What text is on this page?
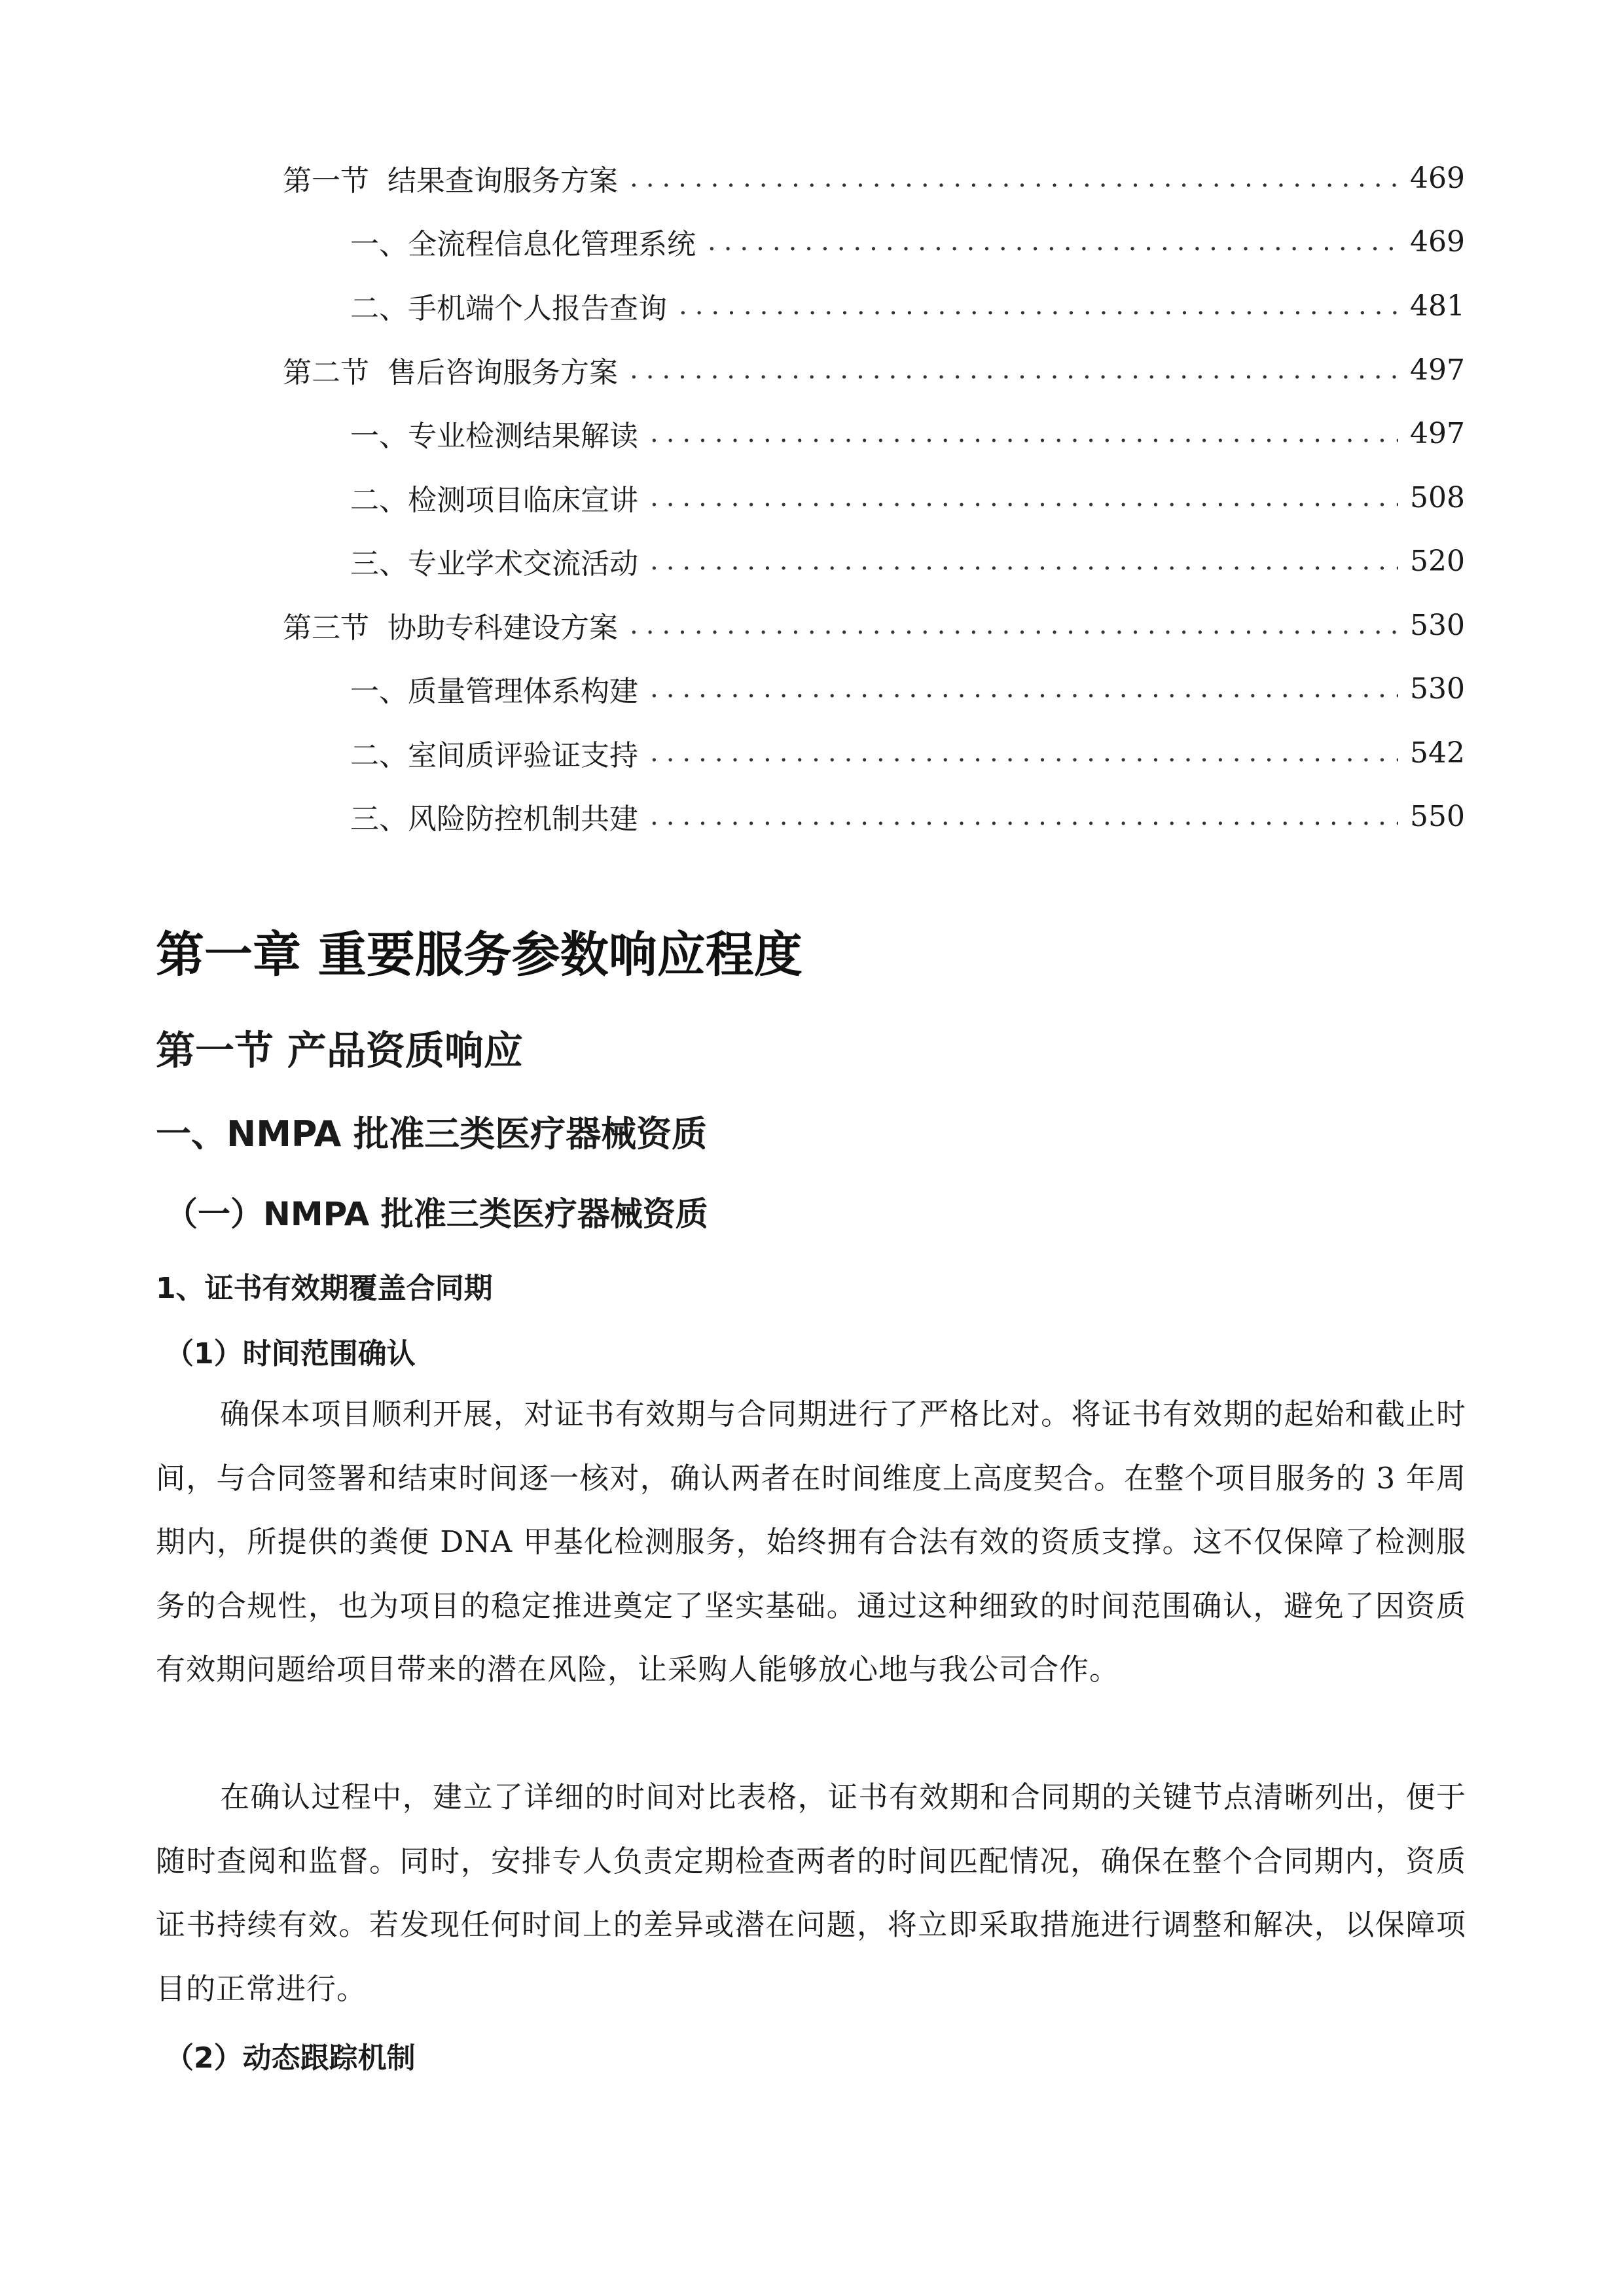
第一节 结果查询服务方案 .....	469
一、 全流程信息化管理系统 .....	469
二、 手机端个人报告查询 .....	481
第二节 售后咨询服务方案 .....	497
一、 专业检测结果解读 .....	497
二、 检测项目临床宣讲 .....	508
三、 专业学术交流活动 .....	520
第三节 协助专科建设方案 .....	530
一、 质量管理体系构建 .....	530
二、 室间质评验证支持 .....	542
三、 风险防控机制共建 .....	550
第一章 重要服务参数响应程度
第一节 产品资质响应
一、NMPA 批准三类医疗器械资质
（一）NMPA 批准三类医疗器械资质
1、证书有效期覆盖合同期
（1）时间范围确认
确保本项目顺利开展，对证书有效期与合同期进行了严格比对。将证书有效期的起始和截止时间，与合同签署和结束时间逐一核对，确认两者在时间维度上高度契合。在整个项目服务的 3 年周期内，所提供的粪便 DNA 甲基化检测服务，始终拥有合法有效的资质支撑。这不仅保障了检测服务的合规性，也为项目的稳定推进奠定了坚实基础。通过这种细致的时间范围确认，避免了因资质有效期问题给项目带来的潜在风险，让采购人能够放心地与我公司合作。
在确认过程中，建立了详细的时间对比表格，证书有效期和合同期的关键节点清晰列出，便于随时查阅和监督。同时，安排专人负责定期检查两者的时间匹配情况，确保在整个合同期内，资质证书持续有效。若发现任何时间上的差异或潜在问题，将立即采取措施进行调整和解决，以保障项目的正常进行。
（2）动态跟踪机制
